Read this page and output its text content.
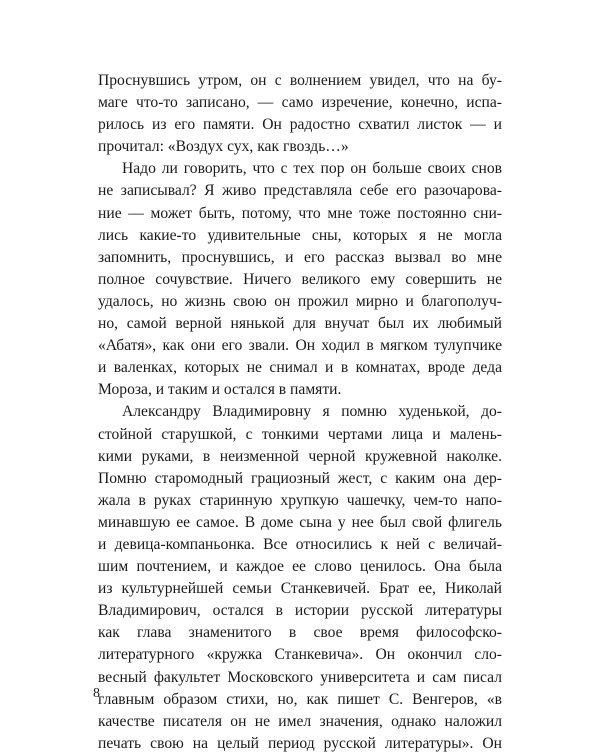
Проснувшись утром, он с волнением увидел, что на бу-
маге что-то записано, — само изречение, конечно, испа-
рилось из его памяти. Он радостно схватил листок — и
прочитал: «Воздух сух, как гвоздь…»
Надо ли говорить, что с тех пор он больше своих снов
не записывал? Я живо представляла себе его разочарова-
ние — может быть, потому, что мне тоже постоянно сни-
лись какие-то удивительные сны, которых я не могла
запомнить, проснувшись, и его рассказ вызвал во мне
полное сочувствие. Ничего великого ему совершить не
удалось, но жизнь свою он прожил мирно и благополуч-
но, самой верной нянькой для внучат был их любимый
«Абатя», как они его звали. Он ходил в мягком тулупчике
и валенках, которых не снимал и в комнатах, вроде деда
Мороза, и таким и остался в памяти.
Александру Владимировну я помню худенькой, до-
стойной старушкой, с тонкими чертами лица и малень-
кими руками, в неизменной черной кружевной наколке.
Помню старомодный грациозный жест, с каким она дер-
жала в руках старинную хрупкую чашечку, чем-то напо-
минавшую ее самое. В доме сына у нее был свой флигель
и девица-компаньонка. Все относились к ней с величай-
шим почтением, и каждое ее слово ценилось. Она была
из культурнейшей семьи Станкевичей. Брат ее, Николай
Владимирович, остался в истории русской литературы
как глава знаменитого в свое время философско-
литературного «кружка Станкевича». Он окончил сло-
весный факультет Московского университета и сам писал
главным образом стихи, но, как пишет С. Венгеров, «в
качестве писателя он не имел значения, однако наложил
печать свою на целый период русской литературы». Он
8
